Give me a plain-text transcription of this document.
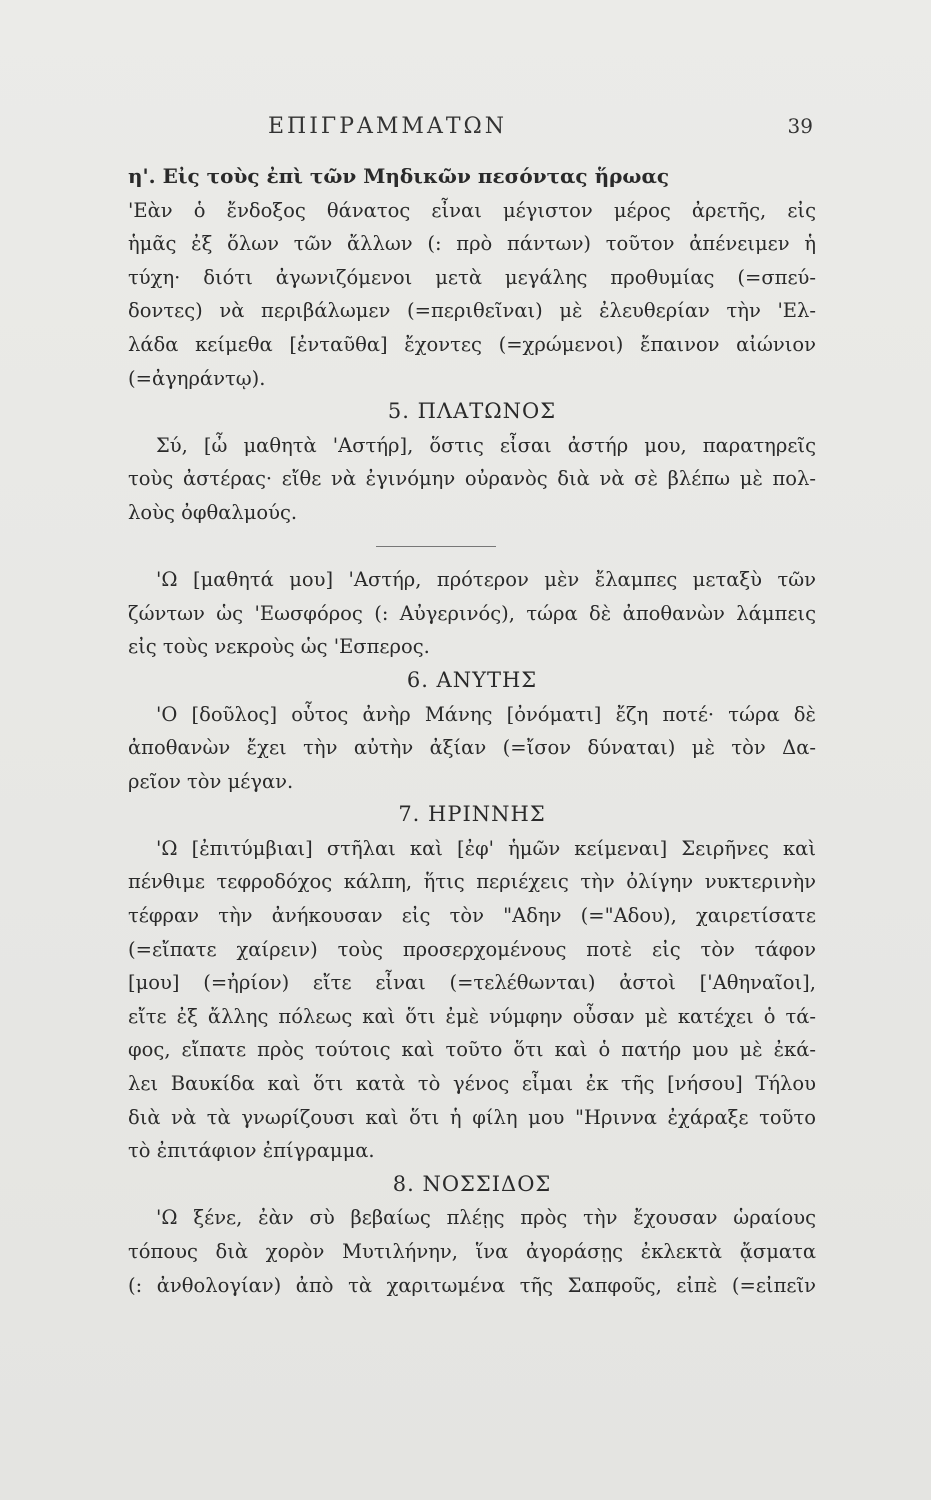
ΕΠΙΓΡΑΜΜΑΤΩΝ	39
η'. Εἰς τοὺς ἐπὶ τῶν Μηδικῶν πεσόντας ἥρωας
'Εὰν ὁ ἔνδοξος θάνατος εἶναι μέγιστον μέρος ἀρετῆς, εἰς
ἡμᾶς ἐξ ὅλων τῶν ἄλλων (: πρὸ πάντων) τοῦτον ἀπένειμεν ἡ
τύχη· διότι ἀγωνιζόμενοι μετὰ μεγάλης προθυμίας (=σπεύ-
δοντες) νὰ περιβάλωμεν (=περιθεῖναι) μὲ ἐλευθερίαν τὴν 'Ελ-
λάδα κείμεθα [ἐνταῦθα] ἔχοντες (=χρώμενοι) ἔπαινον αἰώνιον
(=ἀγηράντῳ).
5. ΠΛΑΤΩΝΟΣ
Σύ, [ὦ μαθητὰ 'Αστήρ], ὅστις εἶσαι ἀστήρ μου, παρατηρεῖς
τοὺς ἀστέρας· εἴθε νὰ ἐγινόμην οὐρανὸς διὰ νὰ σὲ βλέπω μὲ πολ-
λοὺς ὀφθαλμούς.
'Ω [μαθητά μου] 'Αστήρ, πρότερον μὲν ἔλαμπες μεταξὺ τῶν
ζώντων ὡς 'Εωσφόρος (: Αὐγερινός), τώρα δὲ ἀποθανὼν λάμπεις
εἰς τοὺς νεκροὺς ὡς 'Εσπερος.
6. ΑΝΥΤΗΣ
'Ο [δοῦλος] οὗτος ἀνὴρ Μάνης [ὀνόματι] ἔζη ποτέ· τώρα δὲ
ἀποθανὼν ἔχει τὴν αὐτὴν ἀξίαν (=ἴσον δύναται) μὲ τὸν Δα-
ρεῖον τὸν μέγαν.
7. ΗΡΙΝΝΗΣ
'Ω [ἐπιτύμβιαι] στῆλαι καὶ [ἐφ' ἡμῶν κείμεναι] Σειρῆνες καὶ
πένθιμε τεφροδόχος κάλπη, ἥτις περιέχεις τὴν ὀλίγην νυκτερινὴν
τέφραν τὴν ἀνήκουσαν εἰς τὸν "Αδην (="Αδου), χαιρετίσατε
(=εἴπατε χαίρειν) τοὺς προσερχομένους ποτὲ εἰς τὸν τάφον
[μου] (=ἠρίον) εἴτε εἶναι (=τελέθωνται) ἀστοὶ ['Αθηναῖοι],
εἴτε ἐξ ἄλλης πόλεως καὶ ὅτι ἐμὲ νύμφην οὖσαν μὲ κατέχει ὁ τά-
φος, εἴπατε πρὸς τούτοις καὶ τοῦτο ὅτι καὶ ὁ πατήρ μου μὲ ἐκά-
λει Βαυκίδα καὶ ὅτι κατὰ τὸ γένος εἶμαι ἐκ τῆς [νήσου] Τήλου
διὰ νὰ τὰ γνωρίζουσι καὶ ὅτι ἡ φίλη μου "Ηριννα ἐχάραξε τοῦτο
τὸ ἐπιτάφιον ἐπίγραμμα.
8. ΝΟΣΣΙΔΟΣ
'Ω ξένε, ἐὰν σὺ βεβαίως πλέῃς πρὸς τὴν ἔχουσαν ὡραίους
τόπους διὰ χορὸν Μυτιλήνην, ἵνα ἀγοράσῃς ἐκλεκτὰ ᾄσματα
(: ἀνθολογίαν) ἀπὸ τὰ χαριτωμένα τῆς Σαπφοῦς, εἰπὲ (=εἰπεῖν
